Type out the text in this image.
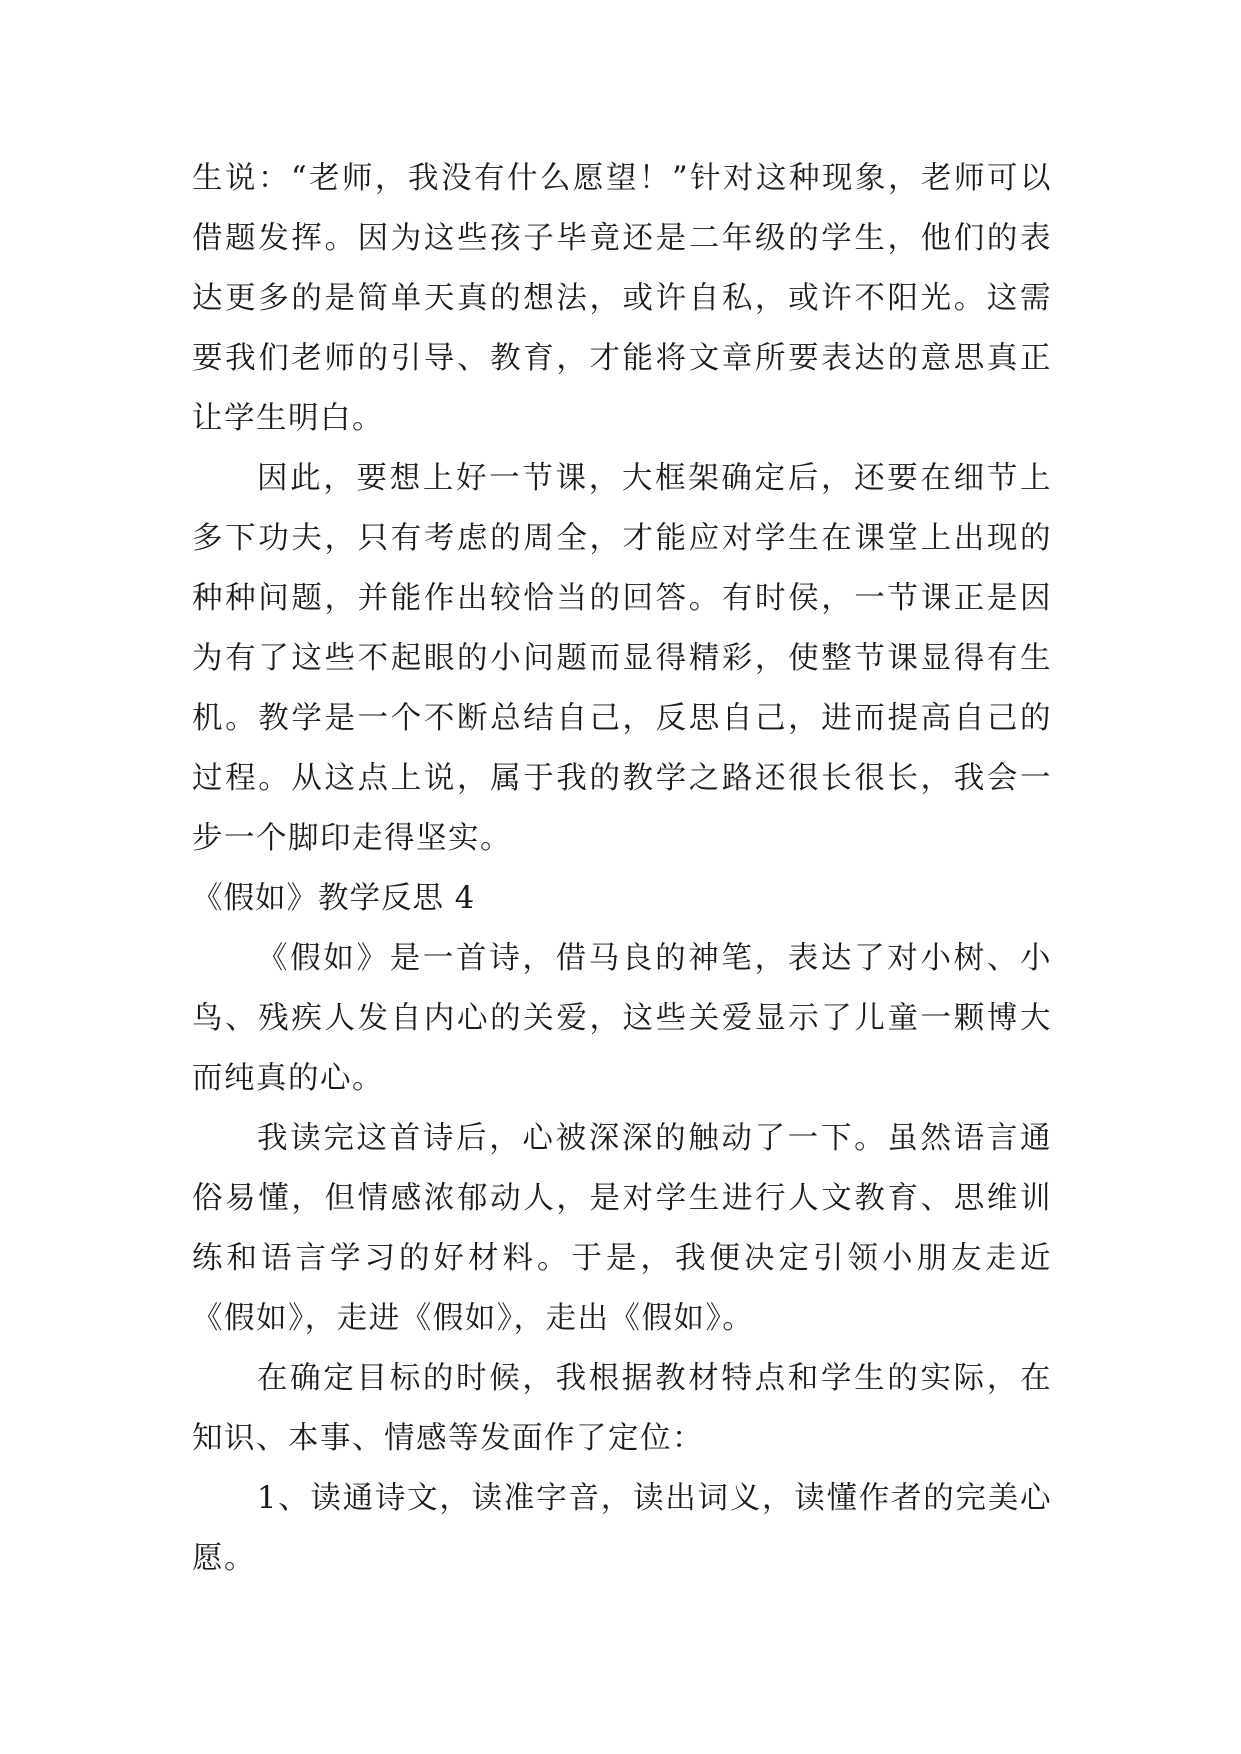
生说：“老师，我没有什么愿望！”针对这种现象，老师可以借题发挥。因为这些孩子毕竟还是二年级的学生，他们的表达更多的是简单天真的想法，或许自私，或许不阳光。这需要我们老师的引导、教育，才能将文章所要表达的意思真正让学生明白。

因此，要想上好一节课，大框架确定后，还要在细节上多下功夫，只有考虑的周全，才能应对学生在课堂上出现的种种问题，并能作出较恰当的回答。有时侯，一节课正是因为有了这些不起眼的小问题而显得精彩，使整节课显得有生机。教学是一个不断总结自己，反思自己，进而提高自己的过程。从这点上说，属于我的教学之路还很长很长，我会一步一个脚印走得坚实。

《假如》教学反思 4

《假如》是一首诗，借马良的神笔，表达了对小树、小鸟、残疾人发自内心的关爱，这些关爱显示了儿童一颗博大而纯真的心。

我读完这首诗后，心被深深的触动了一下。虽然语言通俗易懂，但情感浓郁动人，是对学生进行人文教育、思维训练和语言学习的好材料。于是，我便决定引领小朋友走近《假如》，走进《假如》，走出《假如》。

在确定目标的时候，我根据教材特点和学生的实际，在知识、本事、情感等发面作了定位：

1、读通诗文，读准字音，读出词义，读懂作者的完美心愿。
